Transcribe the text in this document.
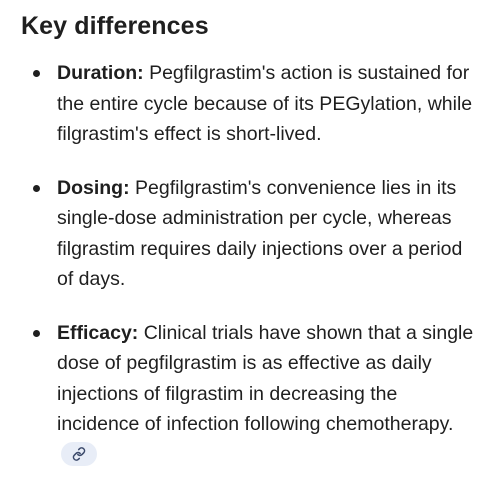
Key differences
Duration: Pegfilgrastim's action is sustained for the entire cycle because of its PEGylation, while filgrastim's effect is short-lived.
Dosing: Pegfilgrastim's convenience lies in its single-dose administration per cycle, whereas filgrastim requires daily injections over a period of days.
Efficacy: Clinical trials have shown that a single dose of pegfilgrastim is as effective as daily injections of filgrastim in decreasing the incidence of infection following chemotherapy.
